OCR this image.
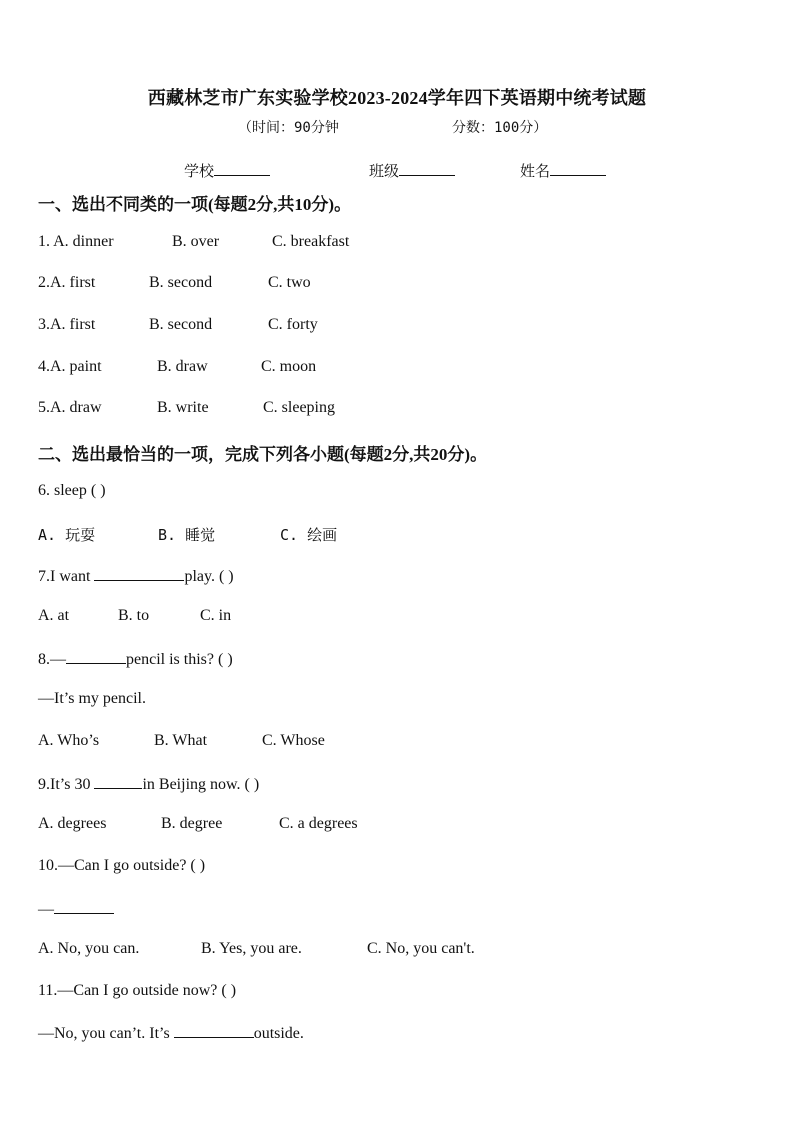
西藏林芝市广东实验学校2023-2024学年四下英语期中统考试题
（时间：90分钟	分数：100分）
学校	班级	姓名
一、选出不同类的一项(每题2分,共10分)。
1. A. dinner	B. over	C. breakfast
2.A. first	B. second	C. two
3.A. first	B. second	C. forty
4.A. paint	B. draw	C. moon
5.A. draw	B. write	C. sleeping
二、选出最恰当的一项，完成下列各小题(每题2分,共20分)。
6. sleep ( )
A. 玩耍	B. 睡觉	C. 绘画
7.I want	play. ( )
A. at	B. to	C. in
8.—	pencil is this? ( )
—It’s my pencil.
A. Who’s	B. What	C. Whose
9.It’s 30	in Beijing now. ( )
A. degrees	B. degree	C. a degrees
10.—Can I go outside? ( )
—
A. No, you can.	B. Yes, you are.	C. No, you can't.
11.—Can I go outside now? ( )
—No, you can’t. It’s	outside.
